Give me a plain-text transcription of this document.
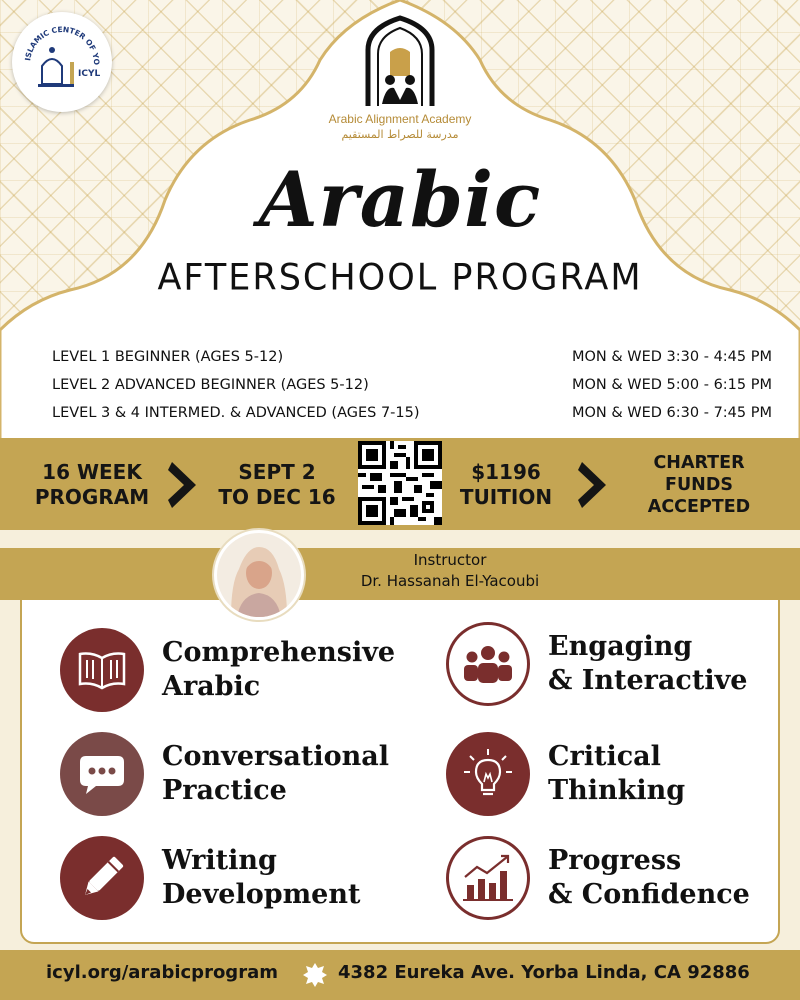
ISLAMIC CENTER OF YO
ICYL
Arabic Alignment Academy
مدرسة للصراط المستقيم
Arabic
AFTERSCHOOL PROGRAM
LEVEL 1 BEGINNER (AGES 5-12)	MON & WED 3:30 - 4:45 PM
LEVEL 2 ADVANCED BEGINNER (AGES 5-12)	MON & WED 5:00 - 6:15 PM
LEVEL 3 & 4 INTERMED. & ADVANCED (AGES 7-15)	MON & WED 6:30 - 7:45 PM
16 WEEK
PROGRAM
SEPT 2
TO DEC 16
$1196
TUITION
CHARTER
FUNDS
ACCEPTED
Instructor
Dr. Hassanah El-Yacoubi
Comprehensive
Arabic
Engaging
& Interactive
Conversational
Practice
Critical
Thinking
Writing
Development
Progress
& Confidence
icyl.org/arabicprogram	4382 Eureka Ave. Yorba Linda, CA 92886
